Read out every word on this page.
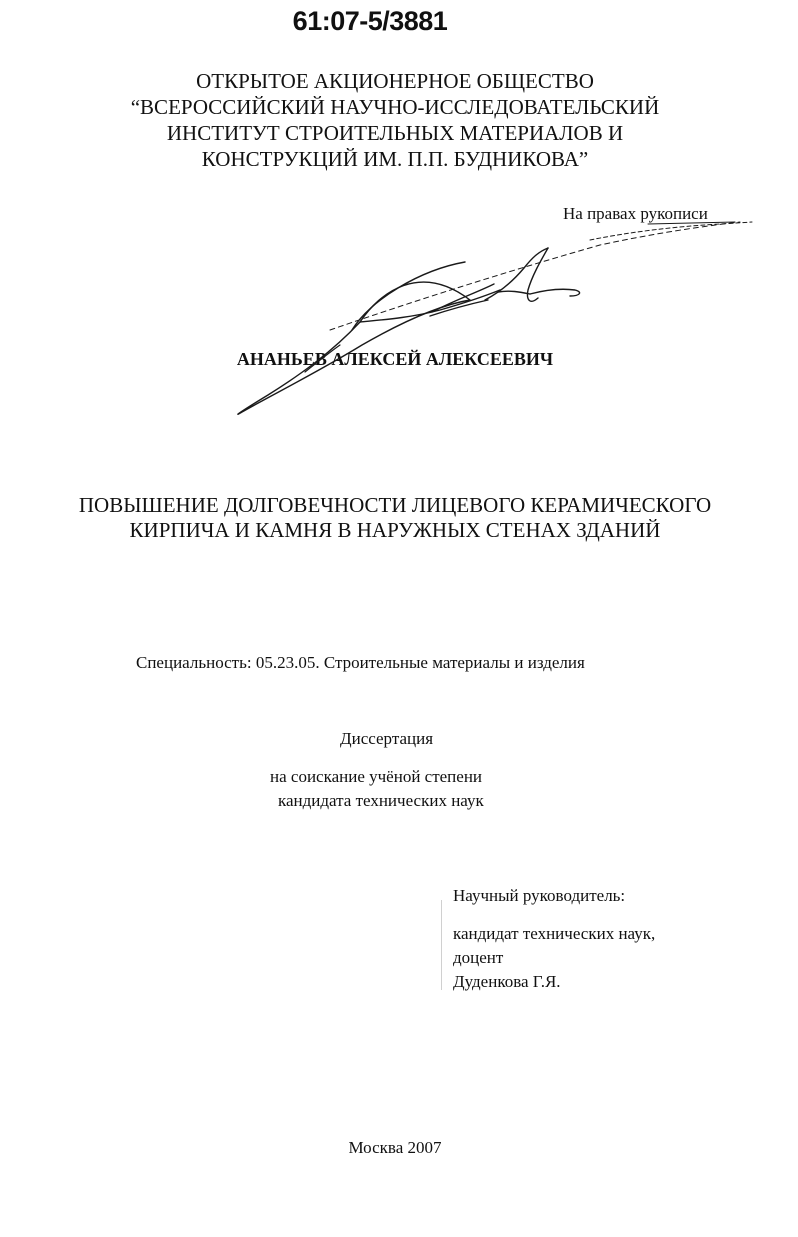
61:07-5/3881
ОТКРЫТОЕ АКЦИОНЕРНОЕ ОБЩЕСТВО
“ВСЕРОССИЙСКИЙ НАУЧНО-ИССЛЕДОВАТЕЛЬСКИЙ
ИНСТИТУТ СТРОИТЕЛЬНЫХ МАТЕРИАЛОВ И
КОНСТРУКЦИЙ ИМ. П.П. БУДНИКОВА”
На правах рукописи
АНАНЬЕВ АЛЕКСЕЙ АЛЕКСЕЕВИЧ
ПОВЫШЕНИЕ ДОЛГОВЕЧНОСТИ ЛИЦЕВОГО КЕРАМИЧЕСКОГО
КИРПИЧА И КАМНЯ В НАРУЖНЫХ СТЕНАХ ЗДАНИЙ
Специальность: 05.23.05. Строительные материалы и изделия
Диссертация
на соискание учёной степени
кандидата технических наук
Научный руководитель:
кандидат технических наук,
доцент
Дуденкова Г.Я.
Москва 2007
